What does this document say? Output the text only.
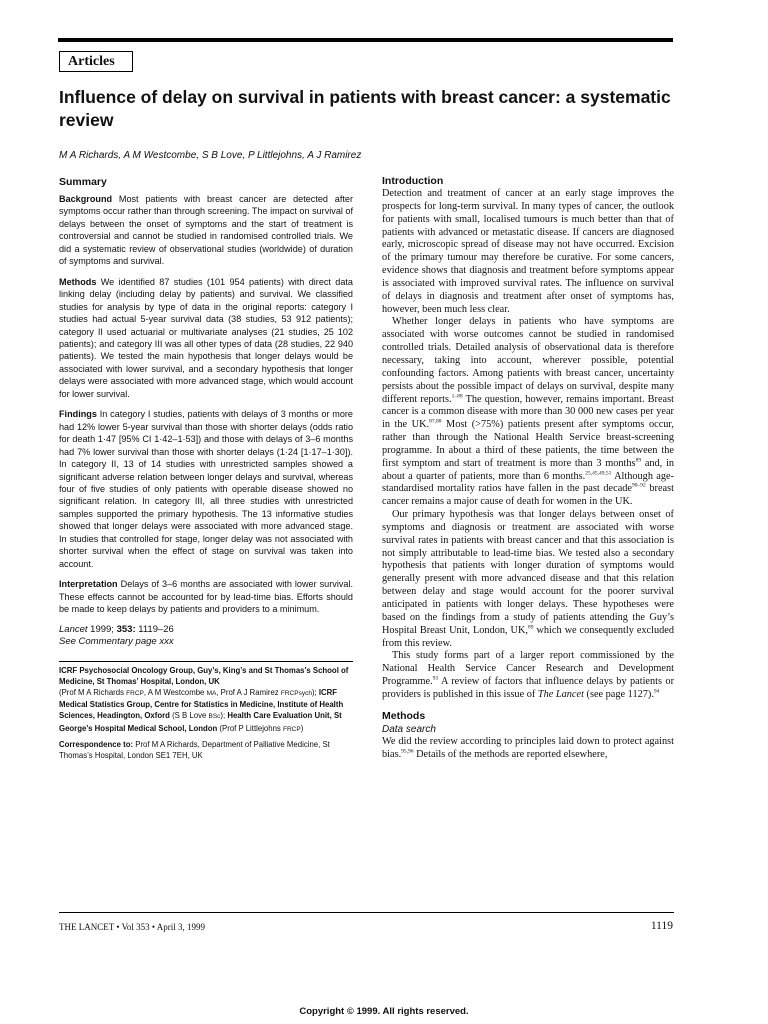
Articles
Influence of delay on survival in patients with breast cancer: a systematic review
M A Richards, A M Westcombe, S B Love, P Littlejohns, A J Ramirez
Summary

Background Most patients with breast cancer are detected after symptoms occur rather than through screening. The impact on survival of delays between the onset of symptoms and the start of treatment is controversial and cannot be studied in randomised controlled trials. We did a systematic review of observational studies (worldwide) of duration of symptoms and survival.

Methods We identified 87 studies (101 954 patients) with direct data linking delay (including delay by patients) and survival. We classified studies for analysis by type of data in the original reports: category I studies had actual 5-year survival data (38 studies, 53 912 patients); category II used actuarial or multivariate analyses (21 studies, 25 102 patients); and category III was all other types of data (28 studies, 22 940 patients). We tested the main hypothesis that longer delays would be associated with lower survival, and a secondary hypothesis that longer delays were associated with more advanced stage, which would account for lower survival.

Findings In category I studies, patients with delays of 3 months or more had 12% lower 5-year survival than those with shorter delays (odds ratio for death 1·47 [95% CI 1·42–1·53]) and those with delays of 3–6 months had 7% lower survival than those with shorter delays (1·24 [1·17–1·30]). In category II, 13 of 14 studies with unrestricted samples showed a significant adverse relation between longer delays and survival, whereas four of five studies of only patients with operable disease showed no significant relation. In category III, all three studies with unrestricted samples supported the primary hypothesis. The 13 informative studies showed that longer delays were associated with more advanced stage. In studies that controlled for stage, longer delay was not associated with shorter survival when the effect of stage on survival was taken into account.

Interpretation Delays of 3–6 months are associated with lower survival. These effects cannot be accounted for by lead-time bias. Efforts should be made to keep delays by patients and providers to a minimum.

Lancet 1999; 353: 1119–26
See Commentary page xxx

ICRF Psychosocial Oncology Group, Guy’s, King’s and St Thomas’s School of Medicine, St Thomas’ Hospital, London, UK
(Prof M A Richards FRCP, A M Westcombe MA, Prof A J Ramirez FRCPsych); ICRF Medical Statistics Group, Centre for Statistics in Medicine, Institute of Health Sciences, Headington, Oxford (S B Love BSc); Health Care Evaluation Unit, St George’s Hospital Medical School, London (Prof P Littlejohns FRCP)

Correspondence to: Prof M A Richards, Department of Palliative Medicine, St Thomas’s Hospital, London SE1 7EH, UK

Introduction

Detection and treatment of cancer at an early stage improves the prospects for long-term survival. In many types of cancer, the outlook for patients with small, localised tumours is much better than that of patients with advanced or metastatic disease. If cancers are diagnosed early, microscopic spread of disease may not have occurred. Excision of the primary tumour may therefore be curative. For some cancers, evidence shows that diagnosis and treatment before symptoms appear is associated with improved survival rates. The influence on survival of delays in diagnosis and treatment after onset of symptoms has, however, been much less clear.

Whether longer delays in patients who have symptoms are associated with worse outcomes cannot be studied in randomised controlled trials. Detailed analysis of observational data is therefore necessary, taking into account, wherever possible, potential confounding factors. Among patients with breast cancer, uncertainty persists about the possible impact of delays on survival, despite many different reports.$^{1-88}$ The question, however, remains important. Breast cancer is a common disease with more than 30 000 new cases per year in the UK.$^{87,88}$ Most (>75%) patients present after symptoms occur, rather than through the National Health Service breast-screening programme. In about a third of these patients, the time between the first symptom and start of treatment is more than 3 months$^{89}$ and, in about a quarter of patients, more than 6 months.$^{25,45,49,51}$ Although age-standardised mortality ratios have fallen in the past decade$^{90-92}$ breast cancer remains a major cause of death for women in the UK.

Our primary hypothesis was that longer delays between onset of symptoms and diagnosis or treatment are associated with worse survival rates in patients with breast cancer and that this association is not simply attributable to lead-time bias. We tested also a secondary hypothesis that patients with longer duration of symptoms would generally present with more advanced disease and that this relation between delay and stage would account for the poorer survival anticipated in patients with longer delays. These hypotheses were based on the findings from a study of patients attending the Guy’s Hospital Breast Unit, London, UK,$^{89}$ which we consequently excluded from this review.

This study forms part of a larger report commissioned by the National Health Service Cancer Research and Development Programme.$^{93}$ A review of factors that influence delays by patients or providers is published in this issue of The Lancet (see page 1127).$^{94}$

Methods
Data search

We did the review according to principles laid down to protect against bias.$^{95,96}$ Details of the methods are reported elsewhere,

THE LANCET • Vol 353 • April 3, 1999	1119
Copyright © 1999. All rights reserved.
